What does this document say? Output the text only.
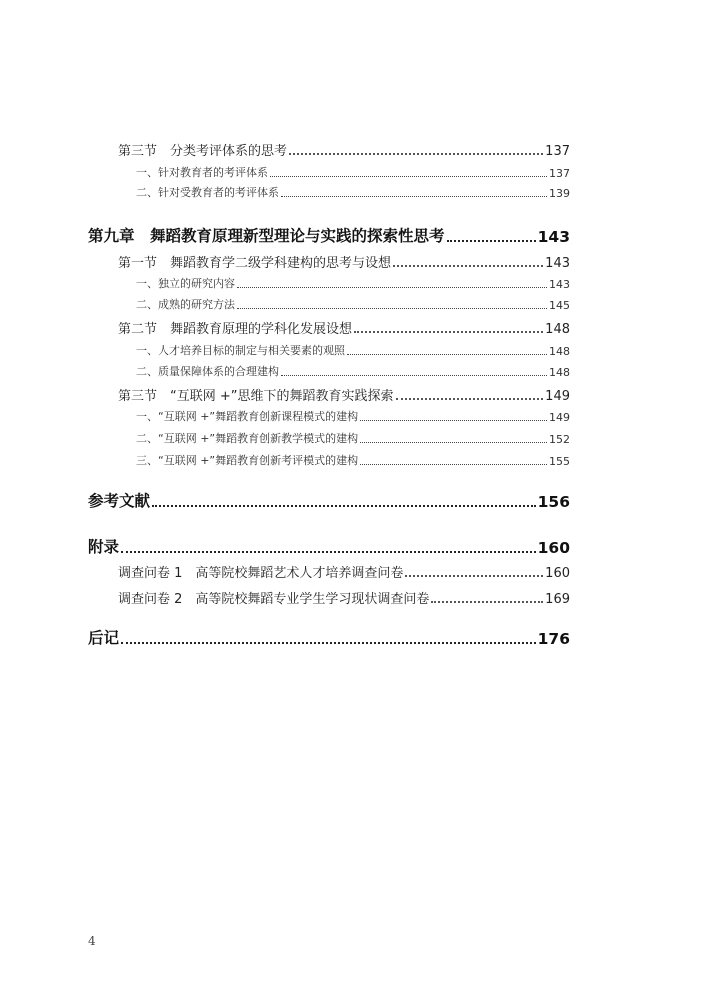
第三节　分类考评体系的思考	137
一、针对教育者的考评体系	137
二、针对受教育者的考评体系	139
第九章　舞蹈教育原理新型理论与实践的探索性思考	143
第一节　舞蹈教育学二级学科建构的思考与设想	143
一、独立的研究内容	143
二、成熟的研究方法	145
第二节　舞蹈教育原理的学科化发展设想	148
一、人才培养目标的制定与相关要素的观照	148
二、质量保障体系的合理建构	148
第三节　“互联网 +”思维下的舞蹈教育实践探索	149
一、“互联网 +”舞蹈教育创新课程模式的建构	149
二、“互联网 +”舞蹈教育创新教学模式的建构	152
三、“互联网 +”舞蹈教育创新考评模式的建构	155
参考文献	156
附录	160
调查问卷 1　高等院校舞蹈艺术人才培养调查问卷	160
调查问卷 2　高等院校舞蹈专业学生学习现状调查问卷	169
后记	176
4
